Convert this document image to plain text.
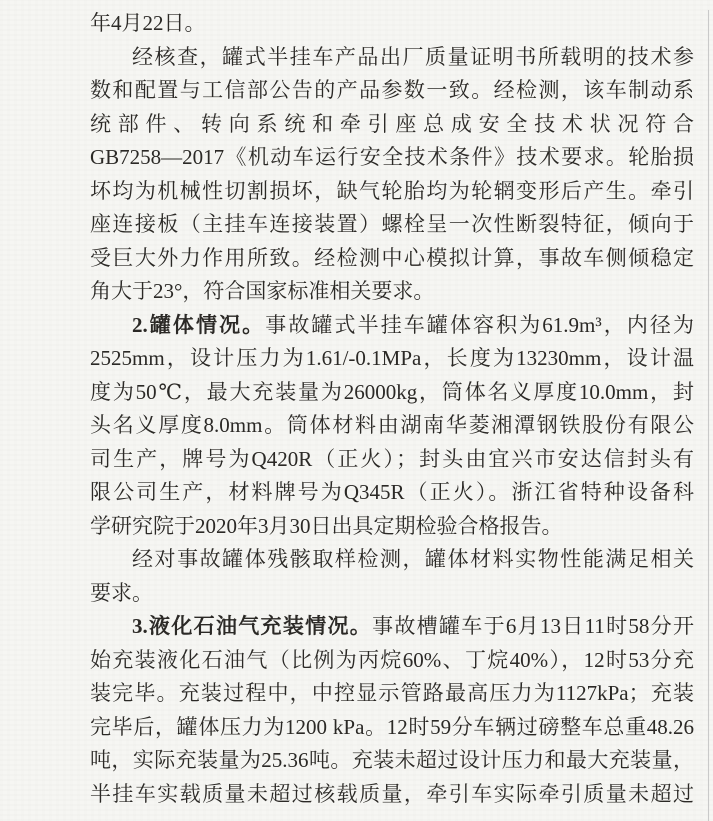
年4月22日。
经核查，罐式半挂车产品出厂质量证明书所载明的技术参
数和配置与工信部公告的产品参数一致。经检测，该车制动系
统部件、转向系统和牵引座总成安全技术状况符合
GB7258—2017《机动车运行安全技术条件》技术要求。轮胎损
坏均为机械性切割损坏，缺气轮胎均为轮辋变形后产生。牵引
座连接板（主挂车连接装置）螺栓呈一次性断裂特征，倾向于
受巨大外力作用所致。经检测中心模拟计算，事故车侧倾稳定
角大于23°，符合国家标准相关要求。
2.罐体情况。事故罐式半挂车罐体容积为61.9m³，内径为
2525mm，设计压力为1.61/-0.1MPa，长度为13230mm，设计温
度为50℃，最大充装量为26000kg，筒体名义厚度10.0mm，封
头名义厚度8.0mm。筒体材料由湖南华菱湘潭钢铁股份有限公
司生产，牌号为Q420R（正火）；封头由宜兴市安达信封头有
限公司生产，材料牌号为Q345R（正火）。浙江省特种设备科
学研究院于2020年3月30日出具定期检验合格报告。
经对事故罐体残骸取样检测，罐体材料实物性能满足相关
要求。
3.液化石油气充装情况。事故槽罐车于6月13日11时58分开
始充装液化石油气（比例为丙烷60%、丁烷40%），12时53分充
装完毕。充装过程中，中控显示管路最高压力为1127kPa；充装
完毕后，罐体压力为1200 kPa。12时59分车辆过磅整车总重48.26
吨，实际充装量为25.36吨。充装未超过设计压力和最大充装量，
半挂车实载质量未超过核载质量，牵引车实际牵引质量未超过
